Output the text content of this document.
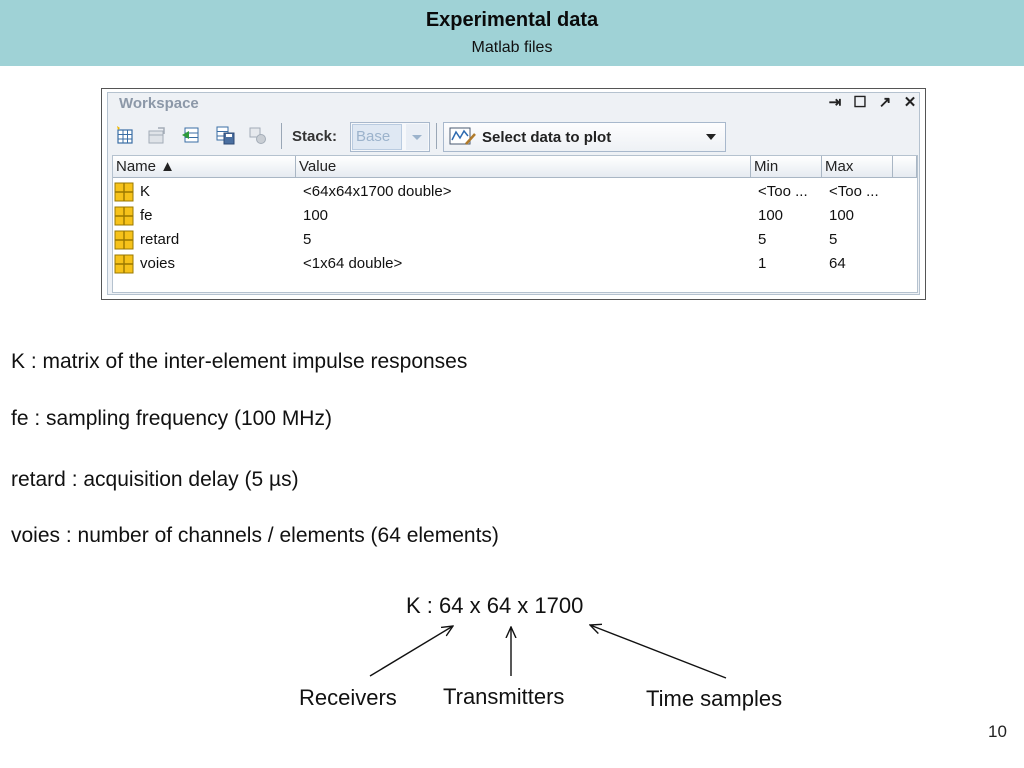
Experimental data
Matlab files
Workspace	⇥ ☐ ↗ ✕
Stack: Base	Select data to plot
Name ▲	Value	Min	Max
K	<64x64x1700 double>	<Too ... <Too ...
fe	100	100	100
retard	5	5	5
voies	<1x64 double>	1	64
K : matrix of the inter-element impulse responses
fe : sampling frequency (100 MHz)
retard : acquisition delay (5 µs)
voies : number of channels / elements (64 elements)
K : 64 x 64 x 1700
Receivers Transmitters	Time samples
10
